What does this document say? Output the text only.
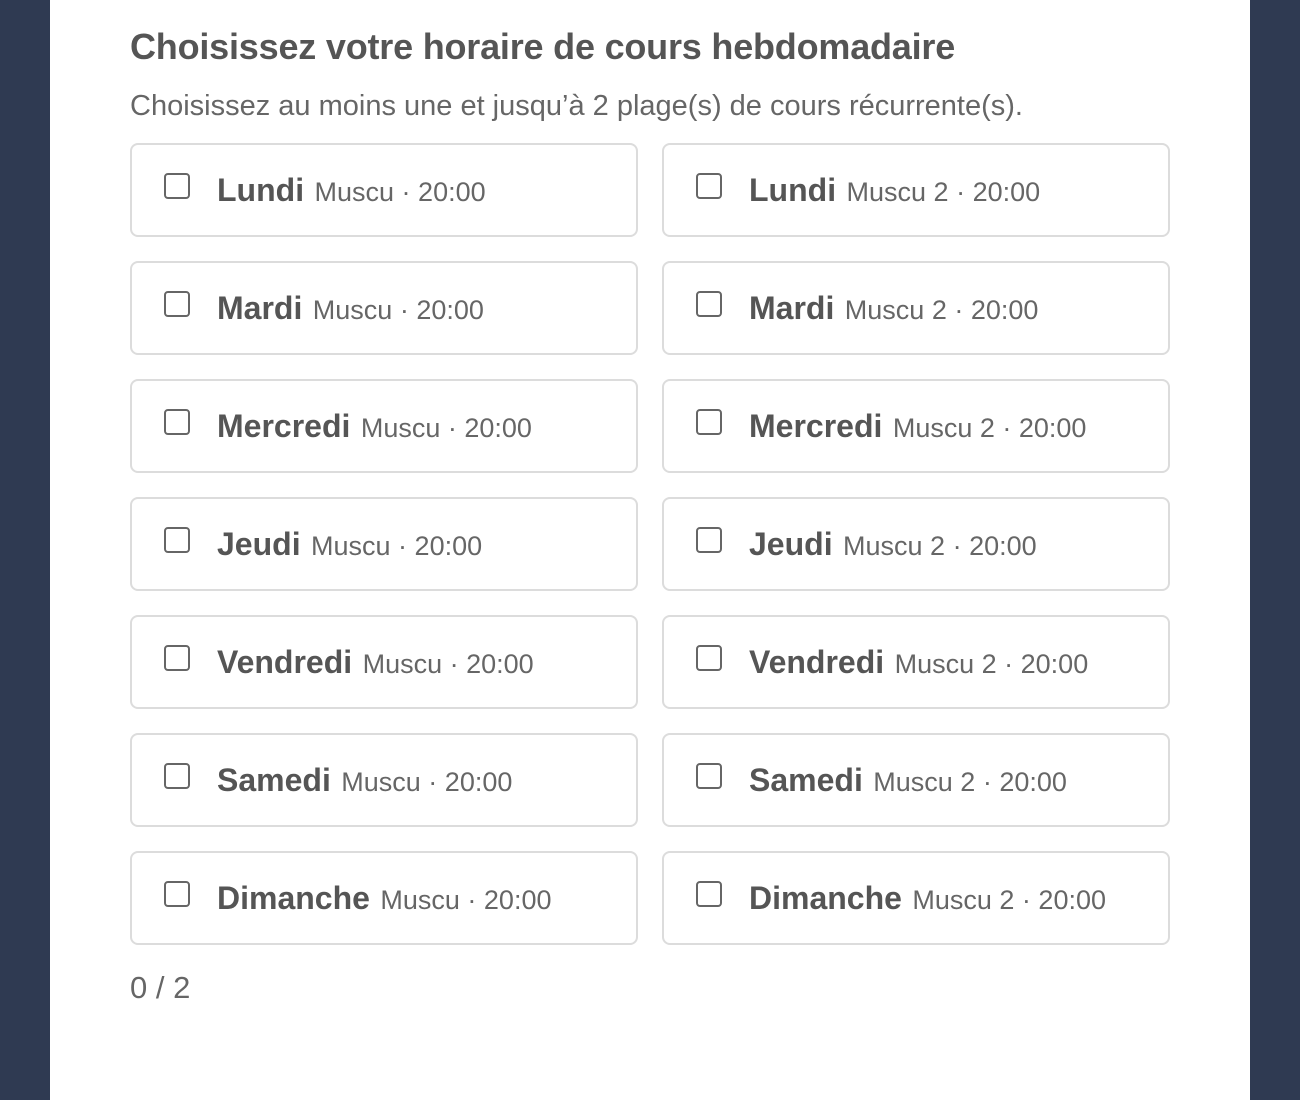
Choisissez votre horaire de cours hebdomadaire
Choisissez au moins une et jusqu’à 2 plage(s) de cours récurrente(s).
Lundi Muscu · 20:00	Lundi Muscu 2 · 20:00
Mardi Muscu · 20:00	Mardi Muscu 2 · 20:00
Mercredi Muscu · 20:00	Mercredi Muscu 2 · 20:00
Jeudi Muscu · 20:00	Jeudi Muscu 2 · 20:00
Vendredi Muscu · 20:00	Vendredi Muscu 2 · 20:00
Samedi Muscu · 20:00	Samedi Muscu 2 · 20:00
Dimanche Muscu · 20:00	Dimanche Muscu 2 · 20:00
0 / 2
